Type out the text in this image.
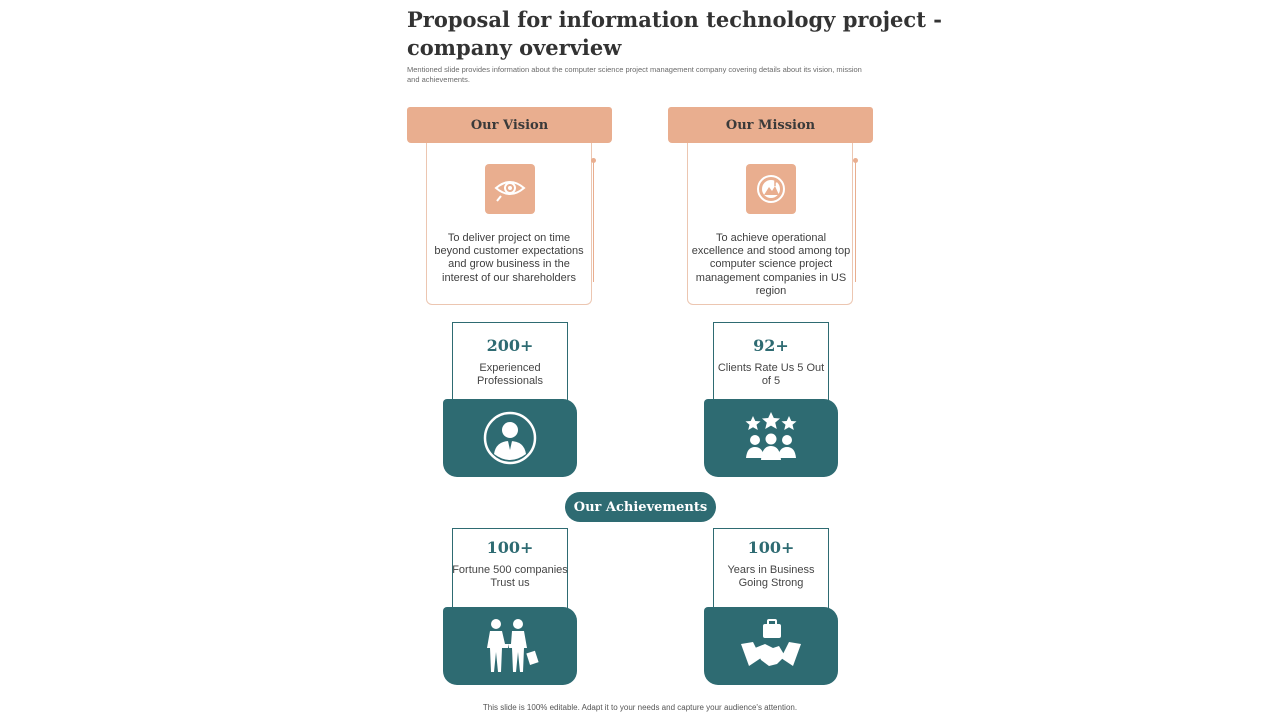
Proposal for information technology project - company overview
Mentioned slide provides information about the computer science project management company covering details about its vision, mission and achievements.
Our Vision
To deliver project on time beyond customer expectations and grow business in the interest of our shareholders
Our Mission
To achieve operational excellence and stood among top computer science project management companies in US region
200+
Experienced Professionals
92+
Clients Rate Us 5 Out of 5
Our Achievements
100+
Fortune 500 companies Trust us
100+
Years in Business Going Strong
This slide is 100% editable. Adapt it to your needs and capture your audience's attention.
